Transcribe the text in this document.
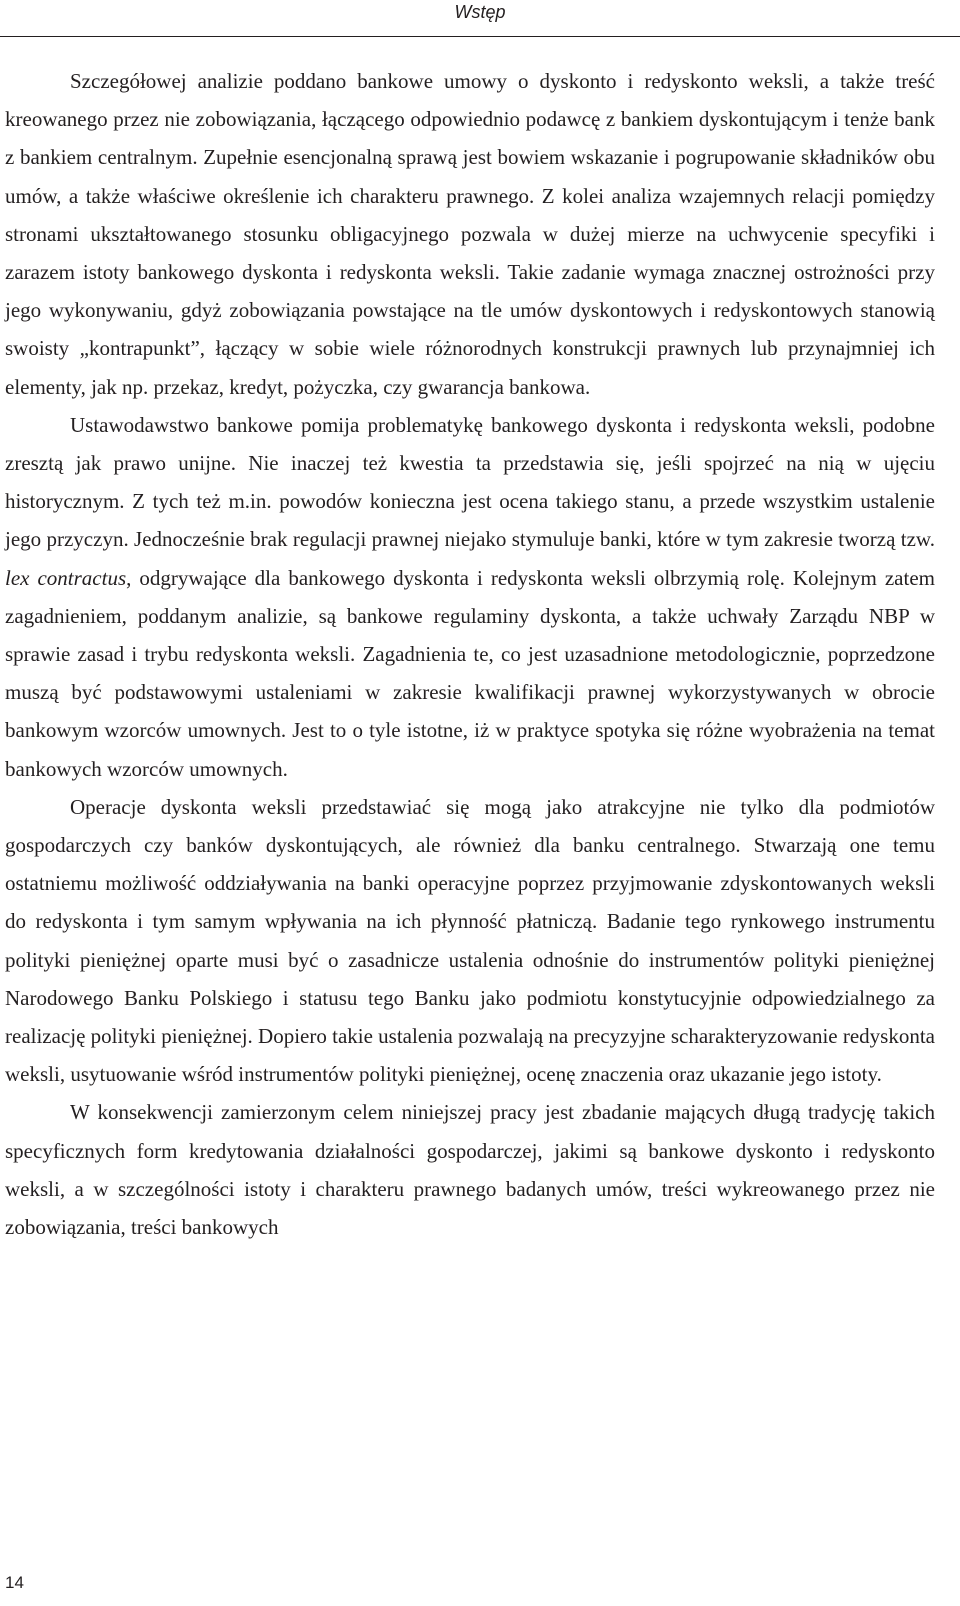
Wstęp

Szczegółowej analizie poddano bankowe umowy o dyskonto i redyskonto weksli, a także treść kreowanego przez nie zobowiązania, łączącego odpowiednio podawcę z bankiem dyskontującym i tenże bank z bankiem centralnym. Zupełnie esencjonalną sprawą jest bowiem wskazanie i pogrupowanie składników obu umów, a także właściwe określenie ich charakteru prawnego. Z kolei analiza wzajemnych relacji pomiędzy stronami ukształtowanego stosunku obligacyjnego pozwala w dużej mierze na uchwycenie specyfiki i zarazem istoty bankowego dyskonta i redyskonta weksli. Takie zadanie wymaga znacznej ostrożności przy jego wykonywaniu, gdyż zobowiązania powstające na tle umów dyskontowych i redyskontowych stanowią swoisty „kontrapunkt”, łączący w sobie wiele różnorodnych konstrukcji prawnych lub przynajmniej ich elementy, jak np. przekaz, kredyt, pożyczka, czy gwarancja bankowa.

Ustawodawstwo bankowe pomija problematykę bankowego dyskonta i redyskonta weksli, podobne zresztą jak prawo unijne. Nie inaczej też kwestia ta przedstawia się, jeśli spojrzeć na nią w ujęciu historycznym. Z tych też m.in. powodów konieczna jest ocena takiego stanu, a przede wszystkim ustalenie jego przyczyn. Jednocześnie brak regulacji prawnej niejako stymuluje banki, które w tym zakresie tworzą tzw. lex contractus, odgrywające dla bankowego dyskonta i redyskonta weksli olbrzymią rolę. Kolejnym zatem zagadnieniem, poddanym analizie, są bankowe regulaminy dyskonta, a także uchwały Zarządu NBP w sprawie zasad i trybu redyskonta weksli. Zagadnienia te, co jest uzasadnione metodologicznie, poprzedzone muszą być podstawowymi ustaleniami w zakresie kwalifikacji prawnej wykorzystywanych w obrocie bankowym wzorców umownych. Jest to o tyle istotne, iż w praktyce spotyka się różne wyobrażenia na temat bankowych wzorców umownych.

Operacje dyskonta weksli przedstawiać się mogą jako atrakcyjne nie tylko dla podmiotów gospodarczych czy banków dyskontujących, ale również dla banku centralnego. Stwarzają one temu ostatniemu możliwość oddziaływania na banki operacyjne poprzez przyjmowanie zdyskontowanych weksli do redyskonta i tym samym wpływania na ich płynność płatniczą. Badanie tego rynkowego instrumentu polityki pieniężnej oparte musi być o zasadnicze ustalenia odnośnie do instrumentów polityki pieniężnej Narodowego Banku Polskiego i statusu tego Banku jako podmiotu konstytucyjnie odpowiedzialnego za realizację polityki pieniężnej. Dopiero takie ustalenia pozwalają na precyzyjne scharakteryzowanie redyskonta weksli, usytuowanie wśród instrumentów polityki pieniężnej, ocenę znaczenia oraz ukazanie jego istoty.

W konsekwencji zamierzonym celem niniejszej pracy jest zbadanie mających długą tradycję takich specyficznych form kredytowania działalności gospodarczej, jakimi są bankowe dyskonto i redyskonto weksli, a w szczególności istoty i charakteru prawnego badanych umów, treści wykreowanego przez nie zobowiązania, treści bankowych

14
